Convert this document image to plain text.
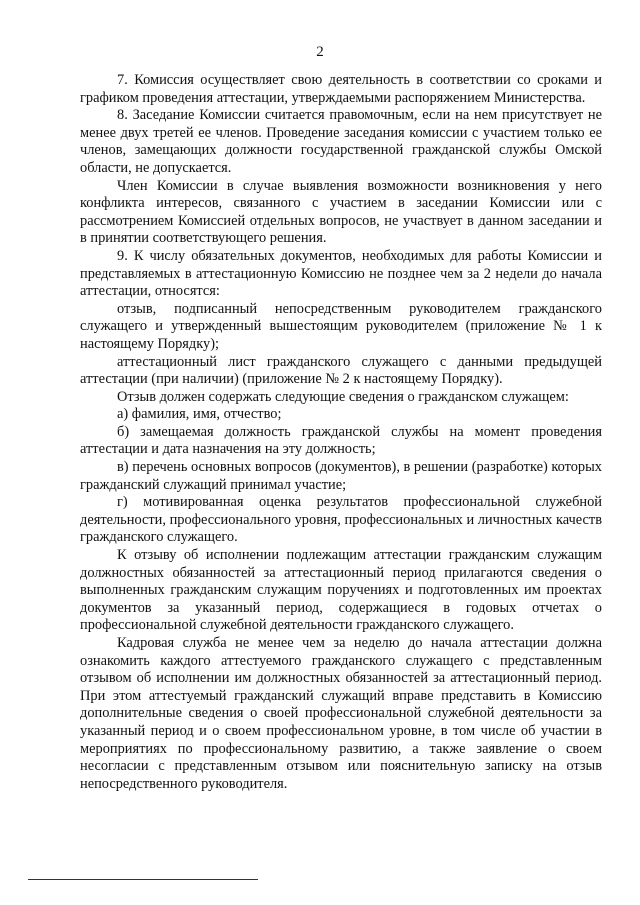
2

7. Комиссия осуществляет свою деятельность в соответствии со сроками и графиком проведения аттестации, утверждаемыми распоряжением Министерства.

8. Заседание Комиссии считается правомочным, если на нем присутствует не менее двух третей ее членов. Проведение заседания комиссии с участием только ее членов, замещающих должности государственной гражданской службы Омской области, не допускается.

Член Комиссии в случае выявления возможности возникновения у него конфликта интересов, связанного с участием в заседании Комиссии или с рассмотрением Комиссией отдельных вопросов, не участвует в данном заседании и в принятии соответствующего решения.

9. К числу обязательных документов, необходимых для работы Комиссии и представляемых в аттестационную Комиссию не позднее чем за 2 недели до начала аттестации, относятся:

отзыв, подписанный непосредственным руководителем гражданского служащего и утвержденный вышестоящим руководителем (приложение № 1 к настоящему Порядку);

аттестационный лист гражданского служащего с данными предыдущей аттестации (при наличии) (приложение № 2 к настоящему Порядку).

Отзыв должен содержать следующие сведения о гражданском служащем:

а) фамилия, имя, отчество;

б) замещаемая должность гражданской службы на момент проведения аттестации и дата назначения на эту должность;

в) перечень основных вопросов (документов), в решении (разработке) которых гражданский служащий принимал участие;

г) мотивированная оценка результатов профессиональной служебной деятельности, профессионального уровня, профессиональных и личностных качеств гражданского служащего.

К отзыву об исполнении подлежащим аттестации гражданским служащим должностных обязанностей за аттестационный период прилагаются сведения о выполненных гражданским служащим поручениях и подготовленных им проектах документов за указанный период, содержащиеся в годовых отчетах о профессиональной служебной деятельности гражданского служащего.

Кадровая служба не менее чем за неделю до начала аттестации должна ознакомить каждого аттестуемого гражданского служащего с представленным отзывом об исполнении им должностных обязанностей за аттестационный период. При этом аттестуемый гражданский служащий вправе представить в Комиссию дополнительные сведения о своей профессиональной служебной деятельности за указанный период и о своем профессиональном уровне, в том числе об участии в мероприятиях по профессиональному развитию, а также заявление о своем несогласии с представленным отзывом или пояснительную записку на отзыв непосредственного руководителя.
